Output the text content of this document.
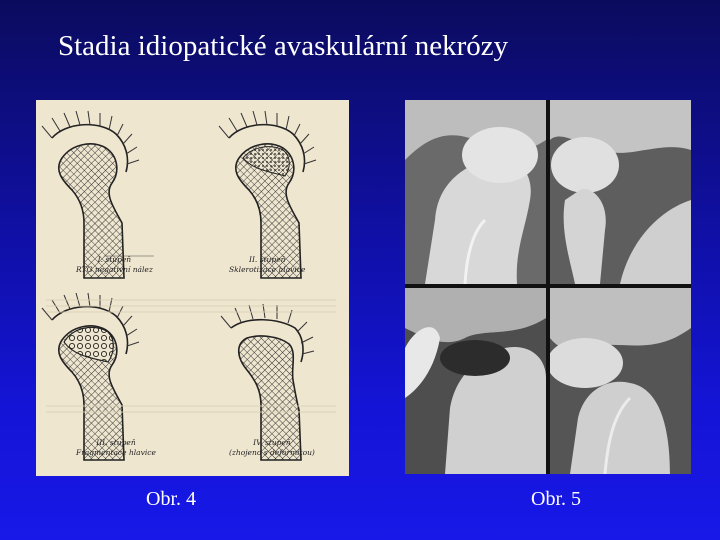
Stadia idiopatické avaskulární nekrózy
I. stupeň
RTG negativní nález
II. stupeň
Sklerotizace hlavice
III. stupeň
Fragmentace hlavice
IV. stupeň
(zhojeno s deformitou)
Obr. 4	Obr. 5
